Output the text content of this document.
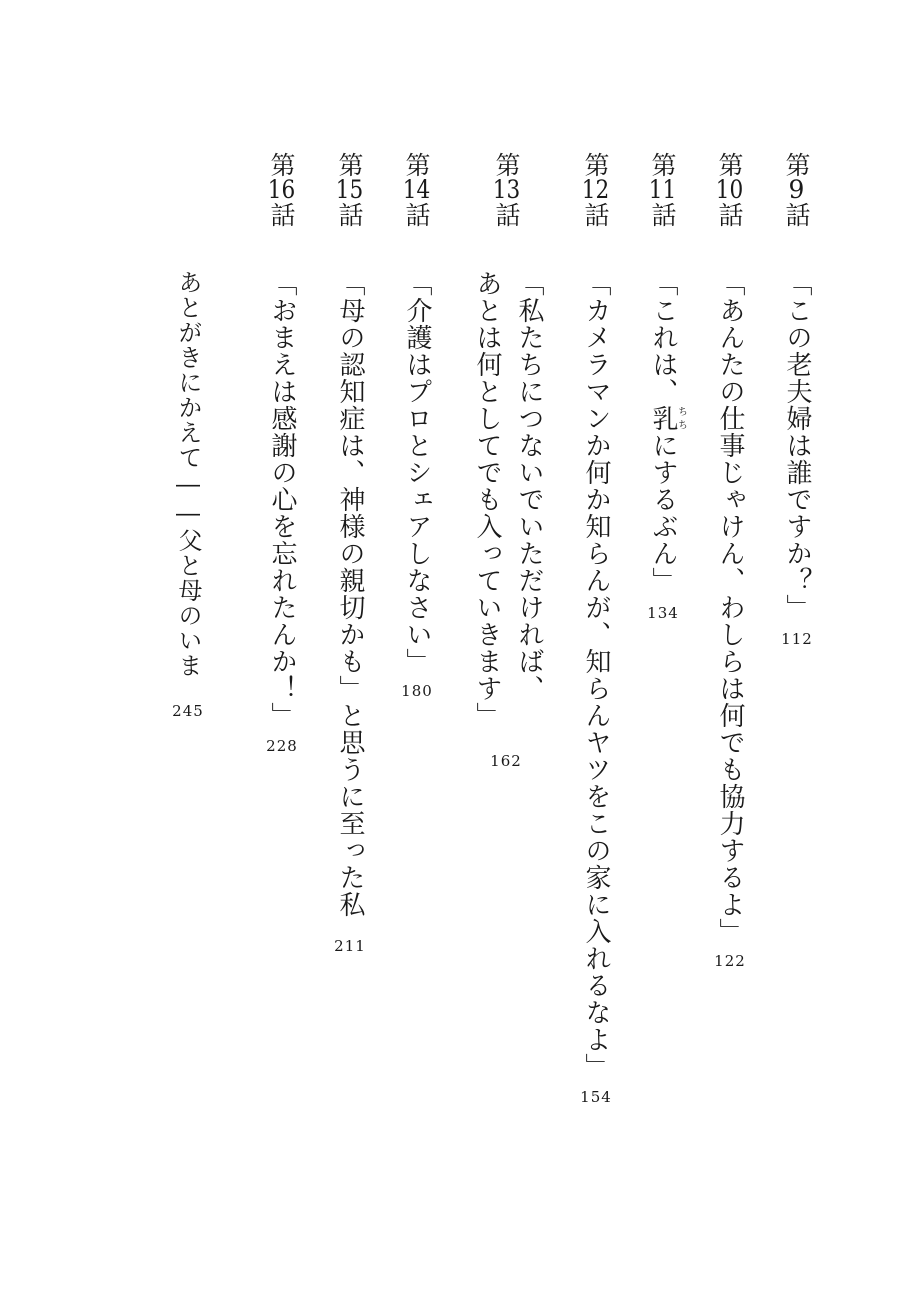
第9話
「この老夫婦は誰ですか？」
112
第10話
「あんたの仕事じゃけん、わしらは何でも協力するよ」
122
第11話
「これは、乳ちちにするぶん」
134
第12話
「カメラマンか何か知らんが、知らんヤツをこの家に入れるなよ」
154
第13話
「私たちにつないでいただければ、
あとは何としてでも入っていきます」
162
第14話
「介護はプロとシェアしなさい」
180
第15話
「母の認知症は、神様の親切かも」と思うに至った私
211
第16話
「おまえは感謝の心を忘れたんか！」
228
あとがきにかえて――父と母のいま
245
